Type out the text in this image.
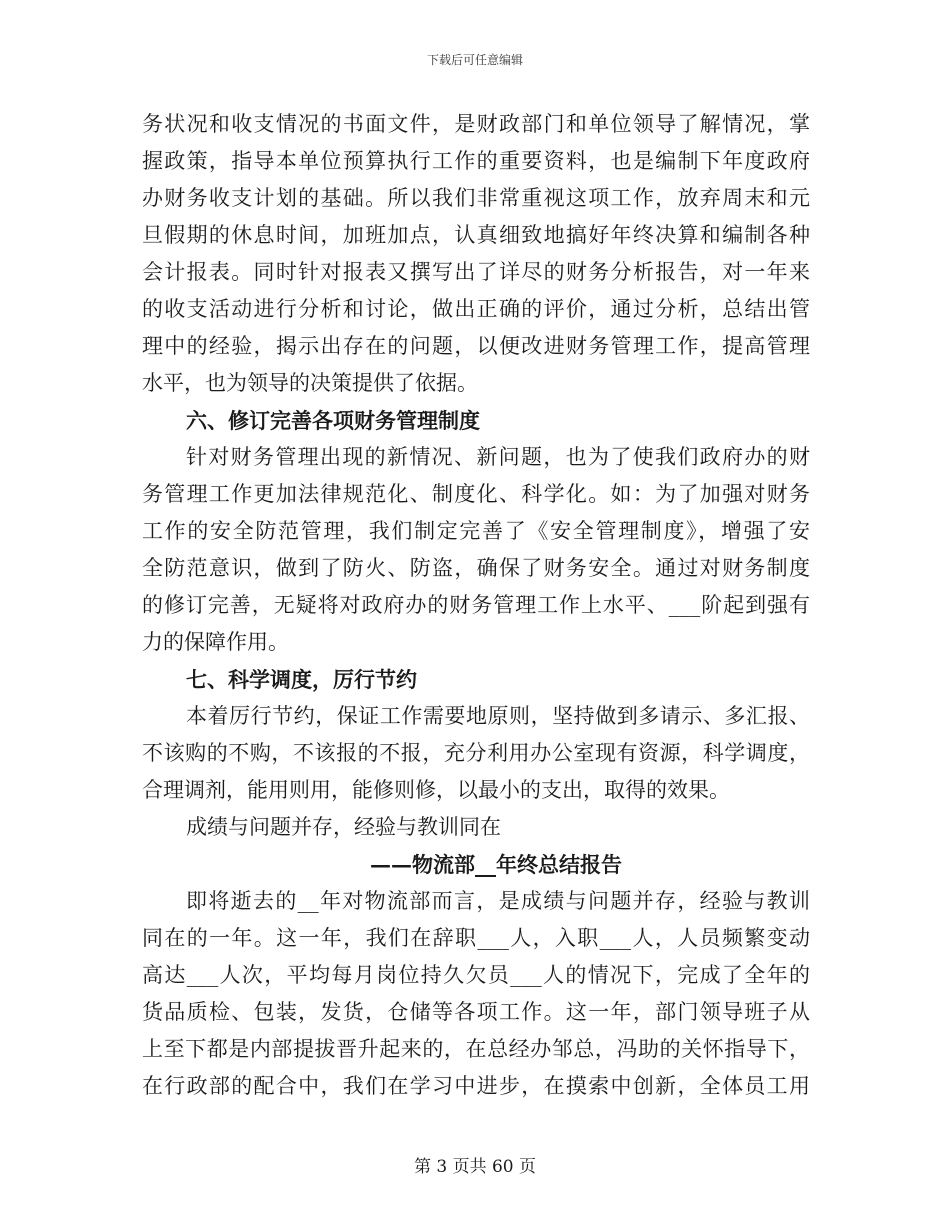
下载后可任意编辑
务状况和收支情况的书面文件，是财政部门和单位领导了解情况，掌
握政策，指导本单位预算执行工作的重要资料，也是编制下年度政府
办财务收支计划的基础。所以我们非常重视这项工作，放弃周末和元
旦假期的休息时间，加班加点，认真细致地搞好年终决算和编制各种
会计报表。同时针对报表又撰写出了详尽的财务分析报告，对一年来
的收支活动进行分析和讨论，做出正确的评价，通过分析，总结出管
理中的经验，揭示出存在的问题，以便改进财务管理工作，提高管理
水平，也为领导的决策提供了依据。
六、修订完善各项财务管理制度
针对财务管理出现的新情况、新问题，也为了使我们政府办的财
务管理工作更加法律规范化、制度化、科学化。如：为了加强对财务
工作的安全防范管理，我们制定完善了《安全管理制度》，增强了安
全防范意识，做到了防火、防盗，确保了财务安全。通过对财务制度
的修订完善，无疑将对政府办的财务管理工作上水平、___阶起到强有
力的保障作用。
七、科学调度，厉行节约
本着厉行节约，保证工作需要地原则，坚持做到多请示、多汇报、
不该购的不购，不该报的不报，充分利用办公室现有资源，科学调度，
合理调剂，能用则用，能修则修，以最小的支出，取得的效果。
成绩与问题并存，经验与教训同在
——物流部__年终总结报告
即将逝去的__年对物流部而言，是成绩与问题并存，经验与教训
同在的一年。这一年，我们在辞职___人，入职___人，人员频繁变动
高达___人次，平均每月岗位持久欠员___人的情况下，完成了全年的
货品质检、包装，发货，仓储等各项工作。这一年，部门领导班子从
上至下都是内部提拔晋升起来的，在总经办邹总，冯助的关怀指导下，
在行政部的配合中，我们在学习中进步，在摸索中创新，全体员工用
第 3 页共 60 页
